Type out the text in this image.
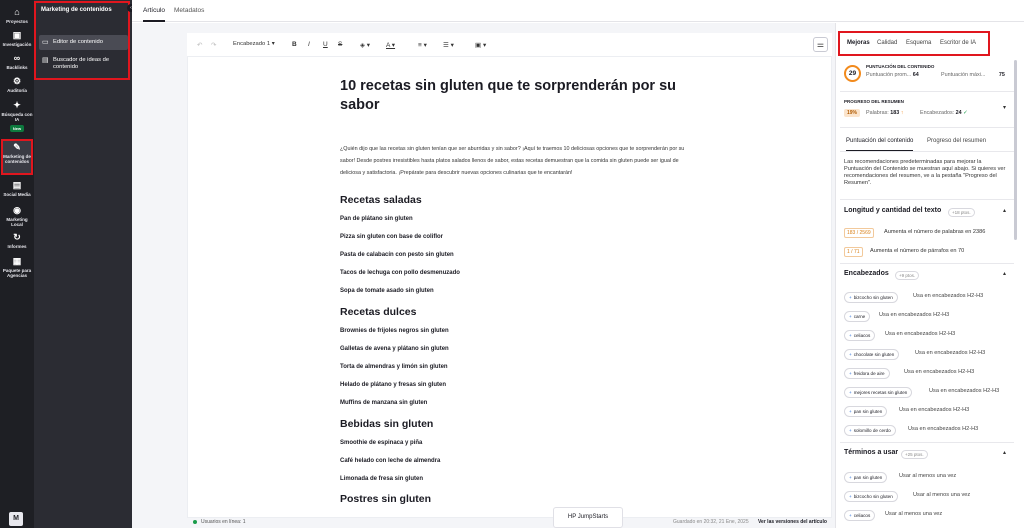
⌂
Proyectos
▣
Investigación
∞
Backlinks
⚙
Auditoría
✦
Búsqueda con IA
New
✎
Marketing de contenidos
▤
Social Media
◉
Marketing Local
↻
Informes
▦
Paquete para Agencias
M
Marketing de contenidos
▭ Editor de contenido
▤ Buscador de ideas de contenido
‹	Artículo Metadatos
↶ ↷	Encabezado 1 ▾	B I U S	◈ ▾ A ▾	≡ ▾ ☰ ▾	▣ ▾	⚌
10 recetas sin gluten que te sorprenderán por su sabor
¿Quién dijo que las recetas sin gluten tenían que ser aburridas y sin sabor? ¡Aquí te traemos 10 deliciosas opciones que te sorprenderán por su sabor! Desde postres irresistibles hasta platos salados llenos de sabor, estas recetas demuestran que la comida sin gluten puede ser igual de deliciosa y satisfactoria. ¡Prepárate para descubrir nuevas opciones culinarias que te encantarán!
Recetas saladas
Pan de plátano sin gluten
Pizza sin gluten con base de coliflor
Pasta de calabacín con pesto sin gluten
Tacos de lechuga con pollo desmenuzado
Sopa de tomate asado sin gluten
Recetas dulces
Brownies de frijoles negros sin gluten
Galletas de avena y plátano sin gluten
Torta de almendras y limón sin gluten
Helado de plátano y fresas sin gluten
Muffins de manzana sin gluten
Bebidas sin gluten
Smoothie de espinaca y piña
Café helado con leche de almendra
Limonada de fresa sin gluten
Postres sin gluten
Usuarios en línea: 1	Guardado en 20:32, 21 Ene, 2025 Ver las versiones del artículo
HP JumpStarts
Mejoras Calidad Esquema Escritor de IA
29
PUNTUACIÓN DEL CONTENIDO
Puntuación prom... 64	Puntuación máxi...	75
PROGRESO DEL RESUMEN
19%	Palabras: 183 ↑	Encabezados: 24 ✓
▾
Puntuación del contenido Progreso del resumen
Las recomendaciones predeterminadas para mejorar la Puntuación del Contenido se muestran aquí abajo. Si quieres ver recomendaciones del resumen, ve a la pestaña "Progreso del Resumen".
Longitud y cantidad del texto	+18 ptos.	▴
183 / 2569	Aumenta el número de palabras en 2386
1 / 71	Aumenta el número de párrafos en 70
Encabezados	+9 ptos.	▴
+ bizcocho sin gluten	Usa en encabezados H2-H3
+ carne	Usa en encabezados H2-H3
+ celiacos	Usa en encabezados H2-H3
+ chocolate sin gluten	Usa en encabezados H2-H3
+ freidora de aire	Usa en encabezados H2-H3
+ mejores recetas sin gluten	Usa en encabezados H2-H3
+ pan sin gluten	Usa en encabezados H2-H3
+ solomillo de cerdo	Usa en encabezados H2-H3
Términos a usar	+25 ptos.	▴
+ pan sin gluten	Usar al menos una vez
+ bizcocho sin gluten	Usar al menos una vez
+ celiacos	Usar al menos una vez
